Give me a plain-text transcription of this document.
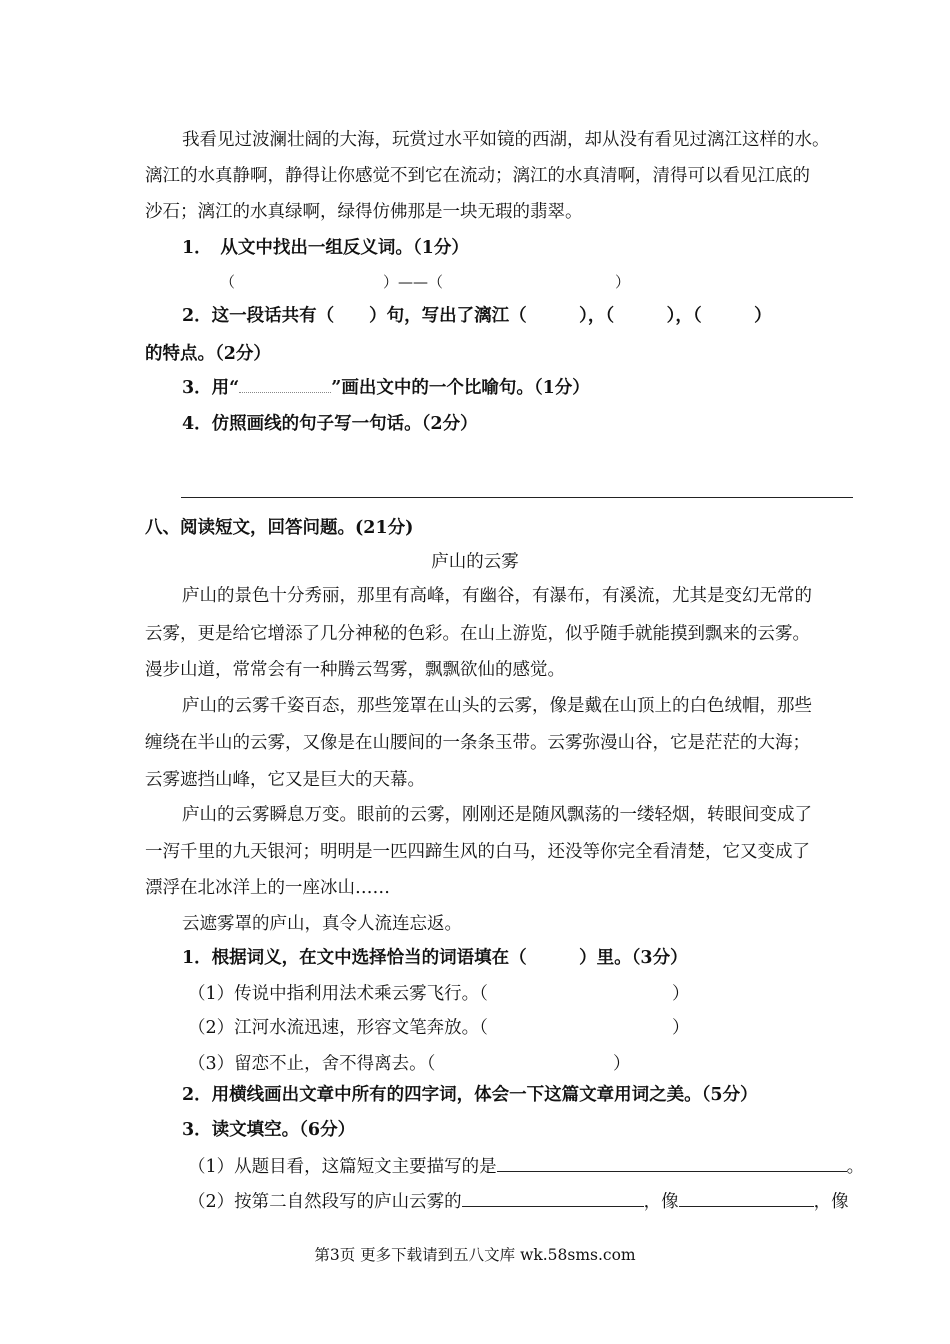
我看见过波澜壮阔的大海，玩赏过水平如镜的西湖，却从没有看见过漓江这样的水。
漓江的水真静啊，静得让你感觉不到它在流动；漓江的水真清啊，清得可以看见江底的
沙石；漓江的水真绿啊，绿得仿佛那是一块无瑕的翡翠。
1．　从文中找出一组反义词。（1分）
（	）——（	）
2．这一段话共有（　　）句，写出了漓江（　　　），（　　　），（　　　）
的特点。（2分）
3．用“	”画出文中的一个比喻句。（1分）
4．仿照画线的句子写一句话。（2分）
八、阅读短文，回答问题。(21分)
庐山的云雾
庐山的景色十分秀丽，那里有高峰，有幽谷，有瀑布，有溪流，尤其是变幻无常的
云雾，更是给它增添了几分神秘的色彩。在山上游览，似乎随手就能摸到飘来的云雾。
漫步山道，常常会有一种腾云驾雾，飘飘欲仙的感觉。
庐山的云雾千姿百态，那些笼罩在山头的云雾，像是戴在山顶上的白色绒帽，那些
缠绕在半山的云雾，又像是在山腰间的一条条玉带。云雾弥漫山谷，它是茫茫的大海；
云雾遮挡山峰，它又是巨大的天幕。
庐山的云雾瞬息万变。眼前的云雾，刚刚还是随风飘荡的一缕轻烟，转眼间变成了
一泻千里的九天银河；明明是一匹四蹄生风的白马，还没等你完全看清楚，它又变成了
漂浮在北冰洋上的一座冰山……
云遮雾罩的庐山，真令人流连忘返。
1．根据词义，在文中选择恰当的词语填在（　　　）里。（3分）
（1）传说中指利用法术乘云雾飞行。（	）
（2）江河水流迅速，形容文笔奔放。（	）
（3）留恋不止，舍不得离去。（	）
2．用横线画出文章中所有的四字词，体会一下这篇文章用词之美。（5分）
3．读文填空。（6分）
（1）从题目看，这篇短文主要描写的是	。
（2）按第二自然段写的庐山云雾的	，像	，像
第3页 更多下载请到五八文库 wk.58sms.com
